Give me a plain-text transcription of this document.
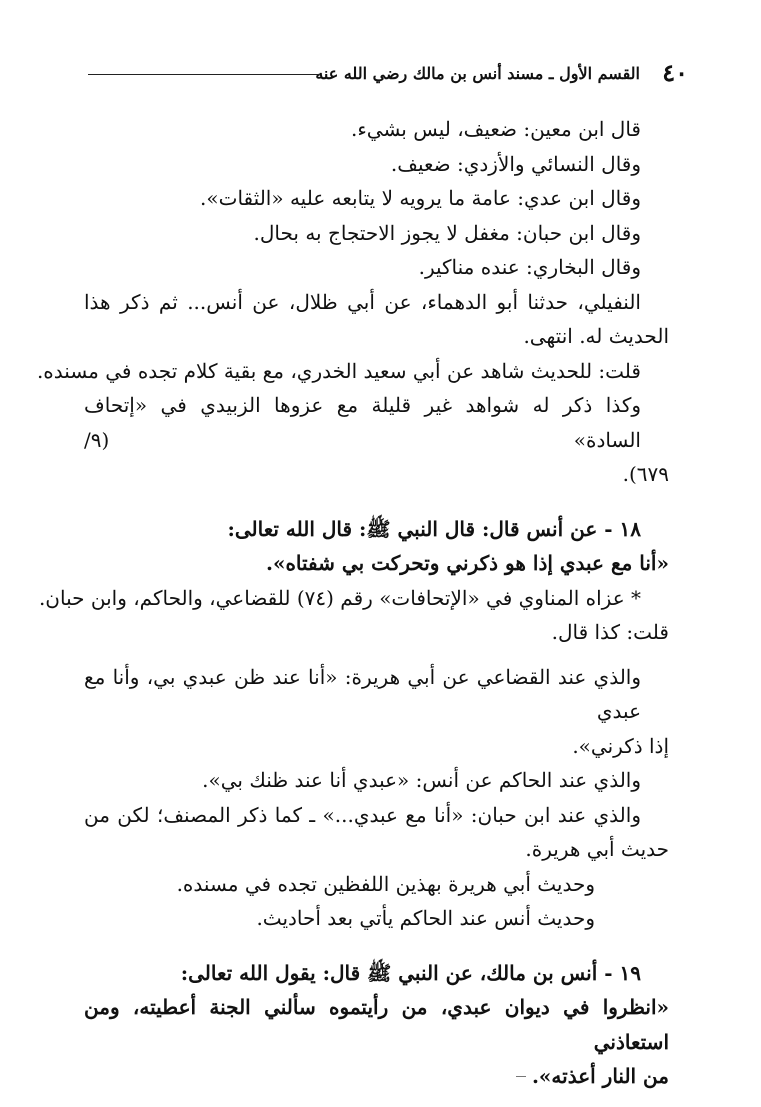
٤٠
القسم الأول ـ مسند أنس بن مالك رضي الله عنه
قال ابن معين: ضعيف، ليس بشيء.
وقال النسائي والأزدي: ضعيف.
وقال ابن عدي: عامة ما يرويه لا يتابعه عليه «الثقات».
وقال ابن حبان: مغفل لا يجوز الاحتجاج به بحال.
وقال البخاري: عنده مناكير.
النفيلي، حدثنا أبو الدهماء، عن أبي ظلال، عن أنس... ثم ذكر هذا
الحديث له. انتهى.
قلت: للحديث شاهد عن أبي سعيد الخدري، مع بقية كلام تجده في مسنده.
وكذا ذكر له شواهد غير قليلة مع عزوها الزبيدي في «إتحاف السادة» (٩/
٦٧٩).
١٨ - عن أنس قال: قال النبي ﷺ: قال الله تعالى:
«أنا مع عبدي إذا هو ذكرني وتحركت بي شفتاه».
* عزاه المناوي في «الإتحافات» رقم (٧٤) للقضاعي، والحاكم، وابن حبان.
قلت: كذا قال.
والذي عند القضاعي عن أبي هريرة: «أنا عند ظن عبدي بي، وأنا مع عبدي
إذا ذكرني».
والذي عند الحاكم عن أنس: «عبدي أنا عند ظنك بي».
والذي عند ابن حبان: «أنا مع عبدي...» ـ كما ذكر المصنف؛ لكن من
حديث أبي هريرة.
وحديث أبي هريرة بهذين اللفظين تجده في مسنده.
وحديث أنس عند الحاكم يأتي بعد أحاديث.
١٩ - أنس بن مالك، عن النبي ﷺ قال: يقول الله تعالى:
«انظروا في ديوان عبدي، من رأيتموه سألني الجنة أعطيته، ومن استعاذني
من النار أعذته».
